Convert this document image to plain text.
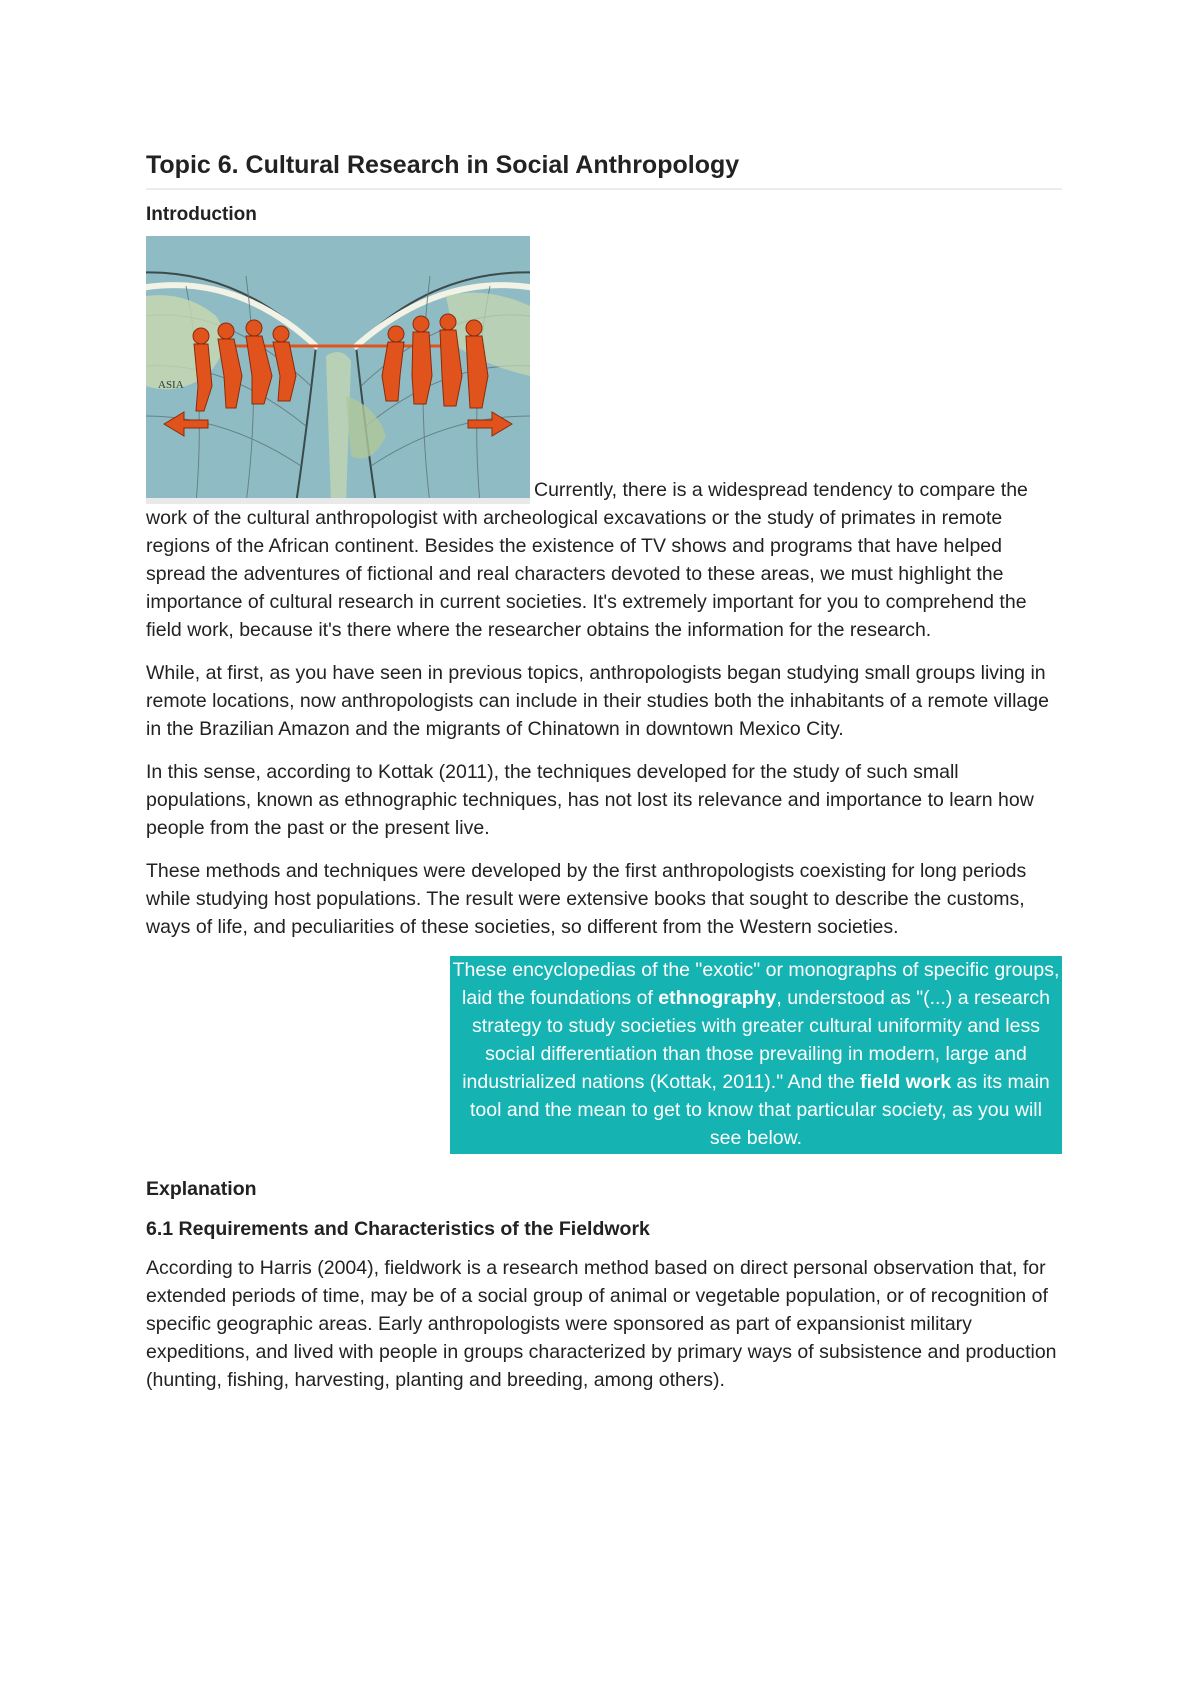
Topic 6. Cultural Research in Social Anthropology
Introduction

ASIA
Currently, there is a widespread tendency to compare the work of the cultural anthropologist with archeological excavations or the study of primates in remote regions of the African continent. Besides the existence of TV shows and programs that have helped spread the adventures of fictional and real characters devoted to these areas, we must highlight the importance of cultural research in current societies. It's extremely important for you to comprehend the field work, because it's there where the researcher obtains the information for the research.

While, at first, as you have seen in previous topics, anthropologists began studying small groups living in remote locations, now anthropologists can include in their studies both the inhabitants of a remote village in the Brazilian Amazon and the migrants of Chinatown in downtown Mexico City.

In this sense, according to Kottak (2011), the techniques developed for the study of such small populations, known as ethnographic techniques, has not lost its relevance and importance to learn how people from the past or the present live.

These methods and techniques were developed by the first anthropologists coexisting for long periods while studying host populations. The result were extensive books that sought to describe the customs, ways of life, and peculiarities of these societies, so different from the Western societies.

These encyclopedias of the "exotic" or monographs of specific groups, laid the foundations of ethnography, understood as "(...) a research strategy to study societies with greater cultural uniformity and less social differentiation than those prevailing in modern, large and industrialized nations (Kottak, 2011)." And the field work as its main tool and the mean to get to know that particular society, as you will see below.
Explanation
6.1 Requirements and Characteristics of the Fieldwork

According to Harris (2004), fieldwork is a research method based on direct personal observation that, for extended periods of time, may be of a social group of animal or vegetable population, or of recognition of specific geographic areas. Early anthropologists were sponsored as part of expansionist military expeditions, and lived with people in groups characterized by primary ways of subsistence and production (hunting, fishing, harvesting, planting and breeding, among others).
